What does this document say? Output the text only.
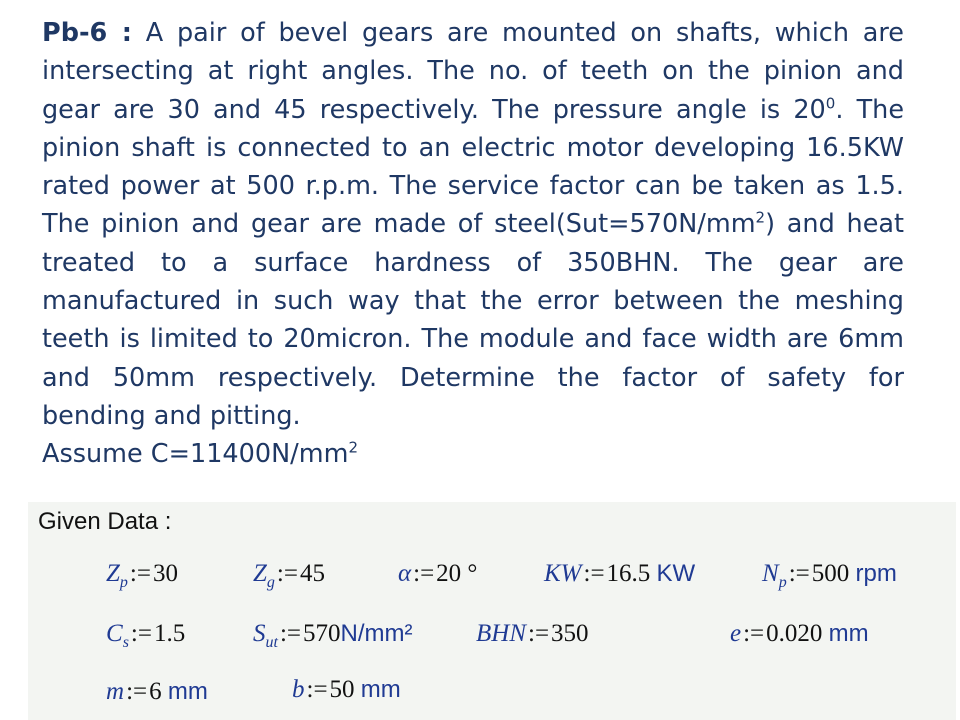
Pb-6 : A pair of bevel gears are mounted on shafts, which are
intersecting at right angles. The no. of teeth on the pinion and
gear are 30 and 45 respectively. The pressure angle is $20^0$. The
pinion shaft is connected to an electric motor developing 16.5KW
rated power at 500 r.p.m. The service factor can be taken as 1.5.
The pinion and gear are made of $steel(Sut=570N/mm^2)$ and heat
treated to a surface hardness of 350BHN. The gear are
manufactured in such way that the error between the meshing
teeth is limited to 20micron. The module and face width are 6mm
and 50mm respectively. Determine the factor of safety for
bending and pitting.
Assume $C=11400N/mm^2$
Given Data :
$Z_p:=30$	$Z_g:=45$	α:=20 °	KW:=16.5 KW	$N_p:=500$ rpm
$C_s:=1.5$	$S_{ut}:=570N$/mm²	BHN:=350	e:=0.020 mm
m:=6 mm	b:=50 mm
